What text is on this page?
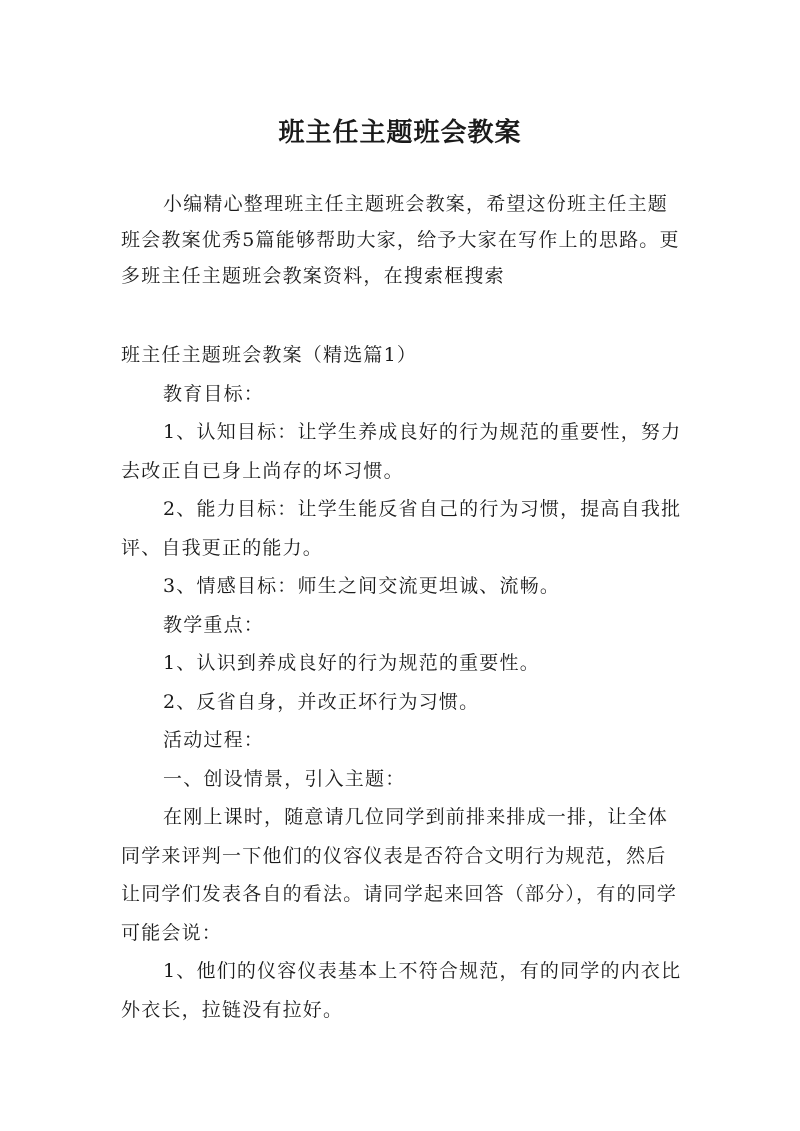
班主任主题班会教案

小编精心整理班主任主题班会教案，希望这份班主任主题班会教案优秀5篇能够帮助大家，给予大家在写作上的思路。更多班主任主题班会教案资料，在搜索框搜索

班主任主题班会教案（精选篇1）

教育目标：

1、认知目标：让学生养成良好的行为规范的重要性，努力去改正自已身上尚存的坏习惯。

2、能力目标：让学生能反省自己的行为习惯，提高自我批评、自我更正的能力。

3、情感目标：师生之间交流更坦诚、流畅。

教学重点：

1、认识到养成良好的行为规范的重要性。

2、反省自身，并改正坏行为习惯。

活动过程：

一、创设情景，引入主题：

在刚上课时，随意请几位同学到前排来排成一排，让全体同学来评判一下他们的仪容仪表是否符合文明行为规范，然后让同学们发表各自的看法。请同学起来回答（部分），有的同学可能会说：

1、他们的仪容仪表基本上不符合规范，有的同学的内衣比外衣长，拉链没有拉好。
